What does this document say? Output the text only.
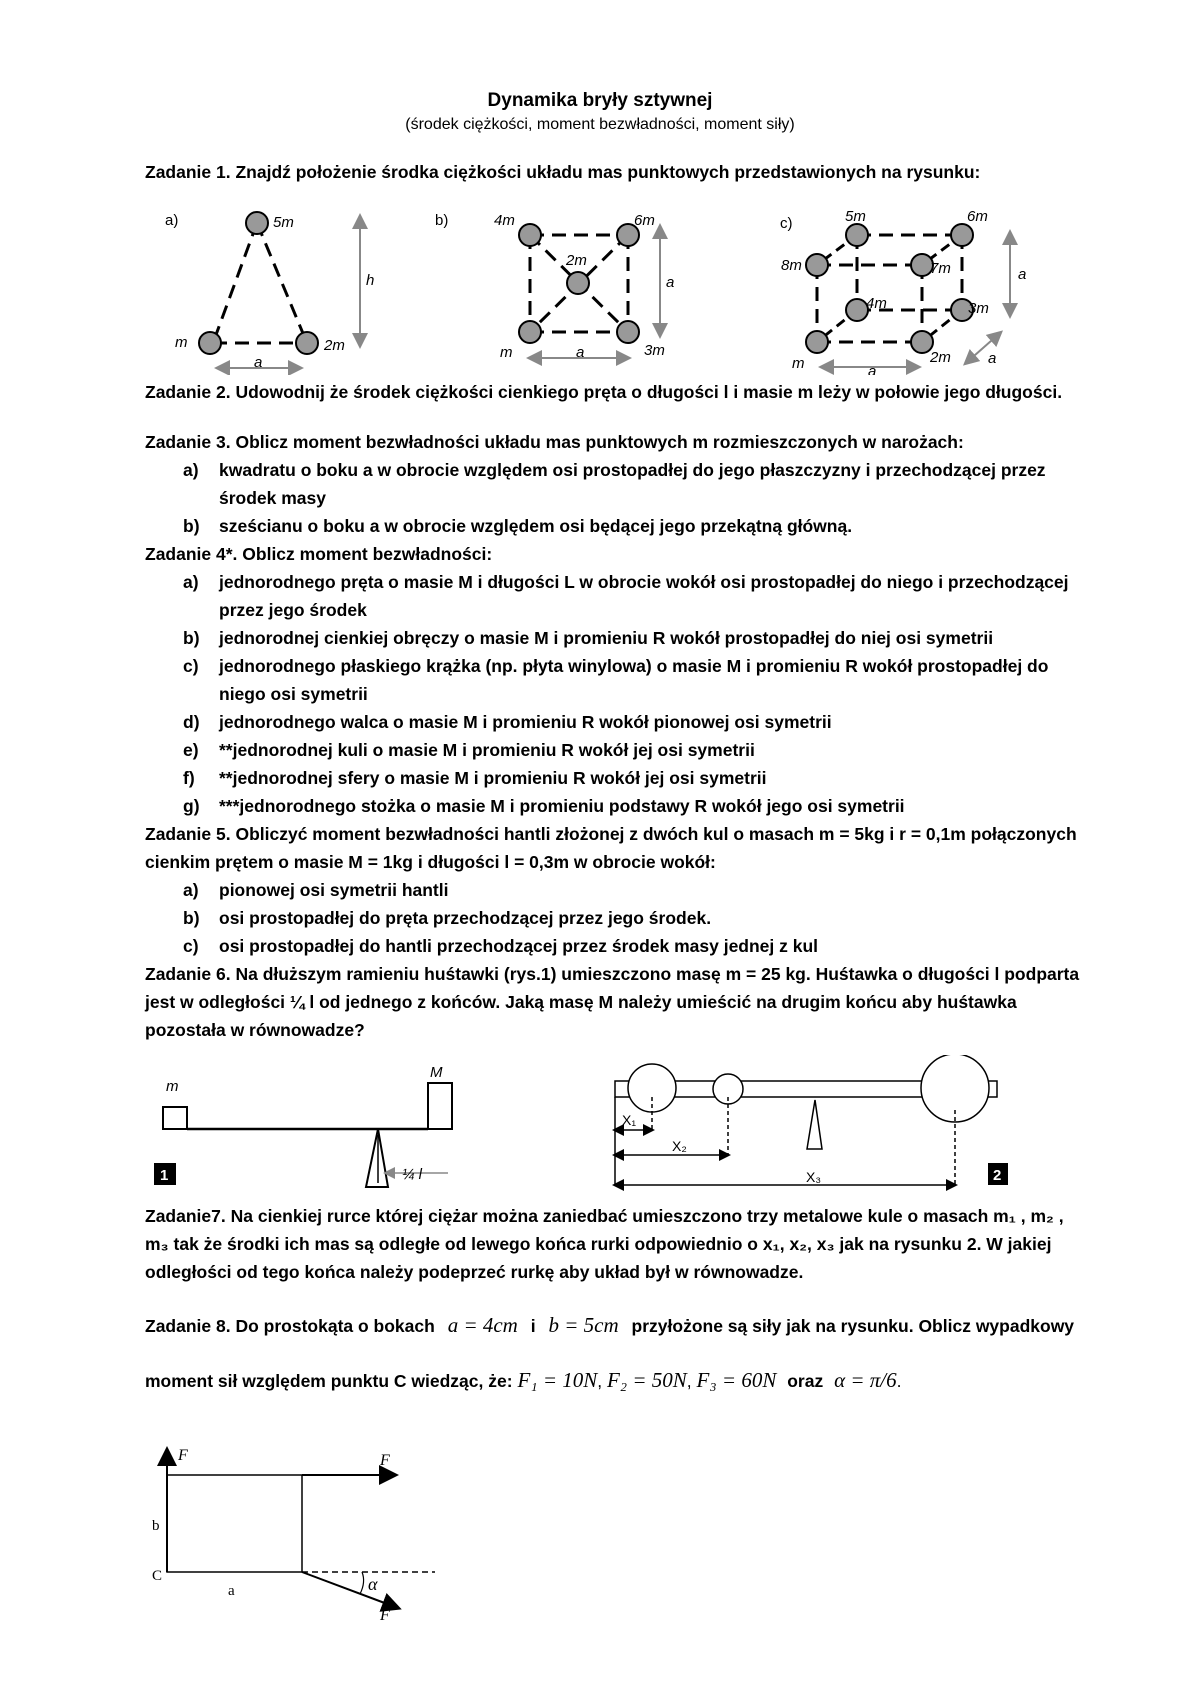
Dynamika bryły sztywnej
(środek ciężkości, moment bezwładności, moment siły)
Zadanie 1. Znajdź położenie środka ciężkości układu mas punktowych przedstawionych na rysunku:
a)	5m
m	2m
h
a
b)	4m	6m
2m
m	3m
a
a
c)	5m	6m
8m	7m
4m	3m
m	2m
a
a
a
Zadanie 2. Udowodnij że środek ciężkości cienkiego pręta o długości l i masie m leży w połowie jego długości.
Zadanie 3. Oblicz moment bezwładności układu mas punktowych m rozmieszczonych w narożach:
a) kwadratu o boku a w obrocie względem osi prostopadłej do jego płaszczyzny i przechodzącej przez
środek masy
b) sześcianu o boku a w obrocie względem osi będącej jego przekątną główną.
Zadanie 4*. Oblicz moment bezwładności:
a) jednorodnego pręta o masie M i długości L w obrocie wokół osi prostopadłej do niego i przechodzącej
przez jego środek
b) jednorodnej cienkiej obręczy o masie M i promieniu R wokół prostopadłej do niej osi symetrii
c) jednorodnego płaskiego krążka (np. płyta winylowa) o masie M i promieniu R wokół prostopadłej do
niego osi symetrii
d) jednorodnego walca o masie M i promieniu R wokół pionowej osi symetrii
e) **jednorodnej kuli o masie M i promieniu R wokół jej osi symetrii
f) **jednorodnej sfery o masie M i promieniu R wokół jej osi symetrii
g) ***jednorodnego stożka o masie M i promieniu podstawy R wokół jego osi symetrii
Zadanie 5. Obliczyć moment bezwładności hantli złożonej z dwóch kul o masach m = 5kg i r = 0,1m połączonych
cienkim prętem o masie M = 1kg i długości l = 0,3m w obrocie wokół:
a) pionowej osi symetrii hantli
b) osi prostopadłej do pręta przechodzącej przez jego środek.
c) osi prostopadłej do hantli przechodzącej przez środek masy jednej z kul
Zadanie 6. Na dłuższym ramieniu huśtawki (rys.1) umieszczono masę m = 25 kg. Huśtawka o długości l podparta
jest w odległości ¼ l od jednego z końców. Jaką masę M należy umieścić na drugim końcu aby huśtawka
pozostała w równowadze?
m
M
¼ l
1
X₁
X₂
X₃	2
Zadanie7. Na cienkiej rurce której ciężar można zaniedbać umieszczono trzy metalowe kule o masach m₁ , m₂ ,
m₃ tak że środki ich mas są odległe od lewego końca rurki odpowiednio o x₁, x₂, x₃ jak na rysunku 2. W jakiej
odległości od tego końca należy podeprzeć rurkę aby układ był w równowadze.
Zadanie 8. Do prostokąta o bokach a = 4cm i b = 5cm przyłożone są siły jak na rysunku. Oblicz wypadkowy
moment sił względem punktu C wiedząc, że: F₁ = 10N, F₂ = 50N, F₃ = 60N oraz α = π/6.
F	F
F
α
b
a
C
